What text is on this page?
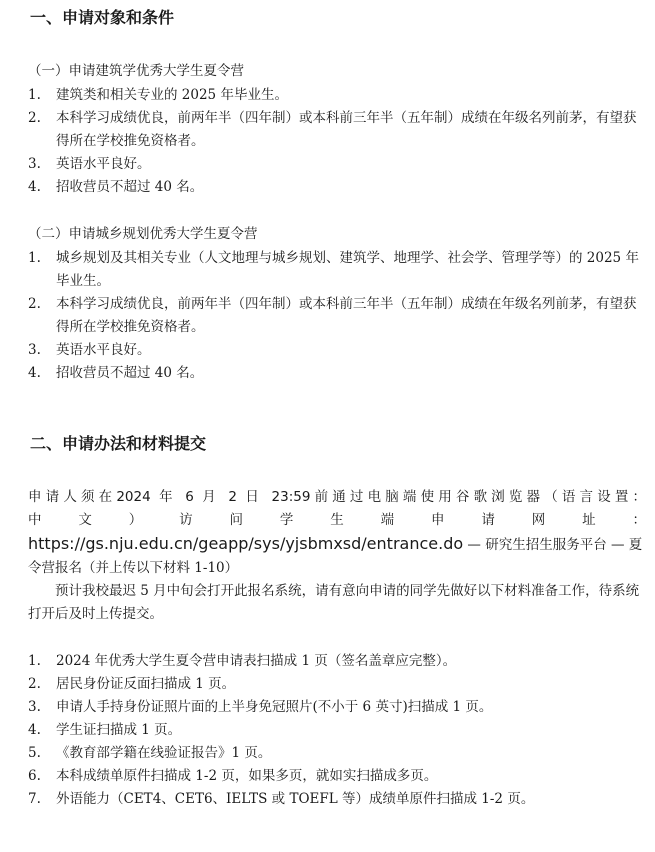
一、申请对象和条件

（一）申请建筑学优秀大学生夏令营

1.	建筑类和相关专业的 2025 年毕业生。

2.	本科学习成绩优良，前两年半（四年制）或本科前三年半（五年制）成绩在年级名列前茅，有望获得所在学校推免资格者。

3.	英语水平良好。

4.	招收营员不超过 40 名。

（二）申请城乡规划优秀大学生夏令营

1.	城乡规划及其相关专业（人文地理与城乡规划、建筑学、地理学、社会学、管理学等）的 2025 年毕业生。

2.	本科学习成绩优良，前两年半（四年制）或本科前三年半（五年制）成绩在年级名列前茅，有望获得所在学校推免资格者。

3.	英语水平良好。

4.	招收营员不超过 40 名。

二、申请办法和材料提交
申请人须在2024 年 6 月 2 日 23:59前通过电脑端使用谷歌浏览器（语言设置：
中文）访问学生端申请网址：
https://gs.nju.edu.cn/geapp/sys/yjsbmxsd/entrance.do — 研究生招生服务平台 — 夏令营报名（并上传以下材料 1-10）
预计我校最迟 5 月中旬会打开此报名系统，请有意向申请的同学先做好以下材料准备工作，待系统打开后及时上传提交。

1.	2024 年优秀大学生夏令营申请表扫描成 1 页（签名盖章应完整）。

2.	居民身份证反面扫描成 1 页。

3.	申请人手持身份证照片面的上半身免冠照片(不小于 6 英寸)扫描成 1 页。

4.	学生证扫描成 1 页。

5.	《教育部学籍在线验证报告》1 页。

6.	本科成绩单原件扫描成 1-2 页，如果多页，就如实扫描成多页。

7.	外语能力（CET4、CET6、IELTS 或 TOEFL 等）成绩单原件扫描成 1-2 页。
